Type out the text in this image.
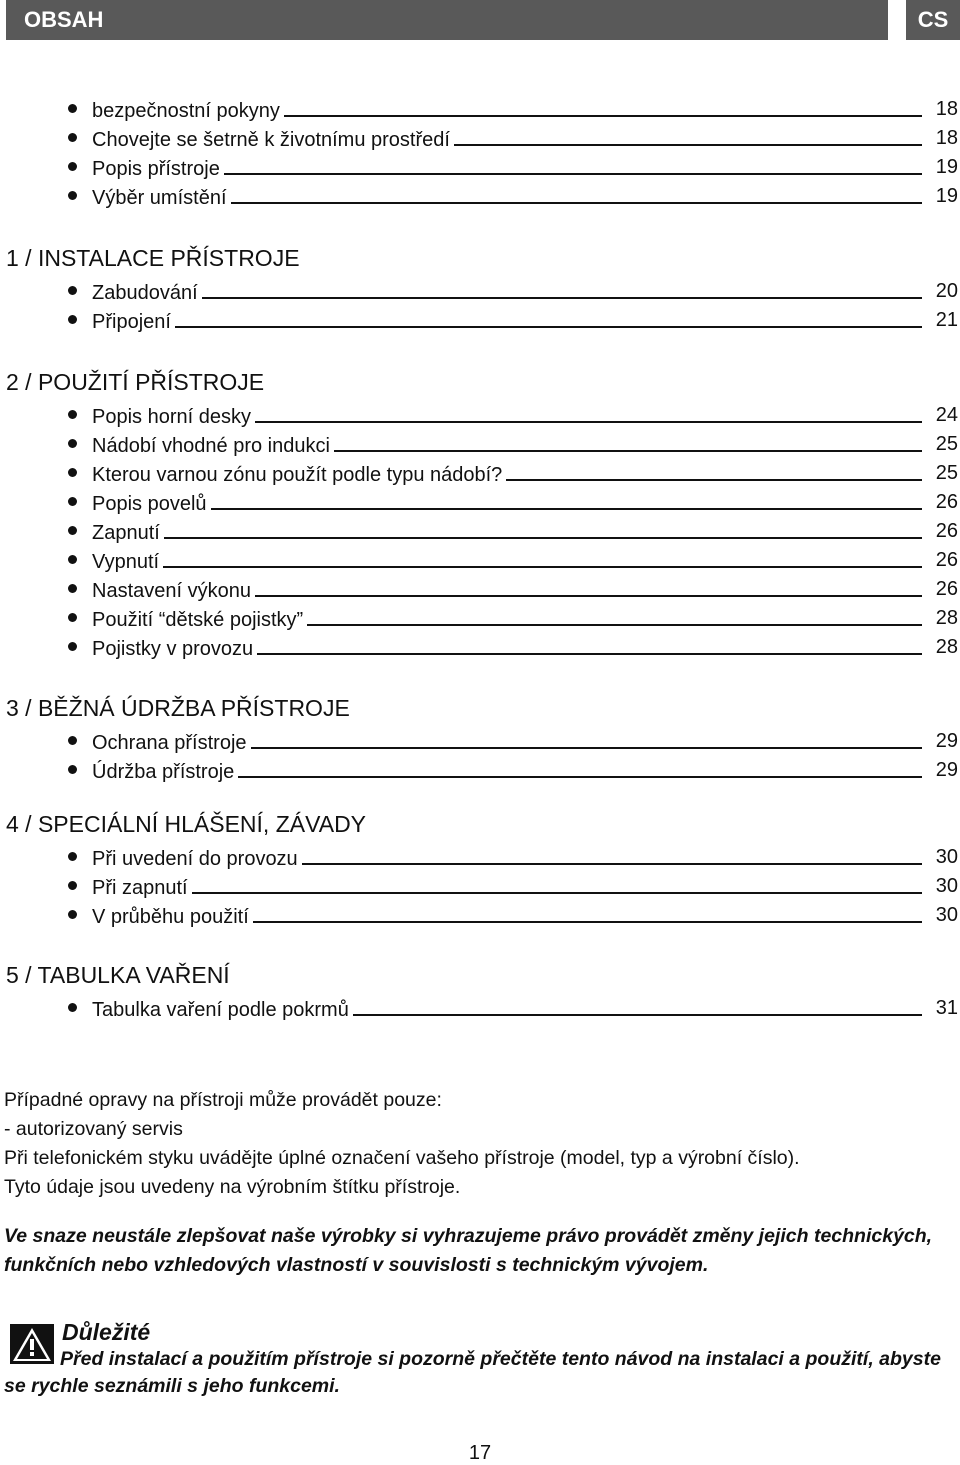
OBSAH	CS
bezpečnostní pokyny	18
Chovejte se šetrně k životnímu prostředí	18
Popis přístroje	19
Výběr umístění	19
1 / INSTALACE PŘÍSTROJE
Zabudování	20
Připojení	21
2 / POUŽITÍ PŘÍSTROJE
Popis horní desky	24
Nádobí vhodné pro indukci	25
Kterou varnou zónu použít podle typu nádobí?	25
Popis povelů	26
Zapnutí	26
Vypnutí	26
Nastavení výkonu	26
Použití “dětské pojistky”	28
Pojistky v provozu	28
3 / BĚŽNÁ ÚDRŽBA PŘÍSTROJE
Ochrana přístroje	29
Údržba přístroje	29
4 / SPECIÁLNÍ HLÁŠENÍ, ZÁVADY
Při uvedení do provozu	30
Při zapnutí	30
V průběhu použití	30
5 / TABULKA VAŘENÍ
Tabulka vaření podle pokrmů	31
Případné opravy na přístroji může provádět pouze:
- autorizovaný servis
Při telefonickém styku uvádějte úplné označení vašeho přístroje (model, typ a výrobní číslo).
Tyto údaje jsou uvedeny na výrobním štítku přístroje.
Ve snaze neustále zlepšovat naše výrobky si vyhrazujeme právo provádět změny jejich technických, funkčních nebo vzhledových vlastností v souvislosti s technickým vývojem.
Důležité
Před instalací a použitím přístroje si pozorně přečtěte tento návod na instalaci a použití, abyste se rychle seznámili s jeho funkcemi.
17
